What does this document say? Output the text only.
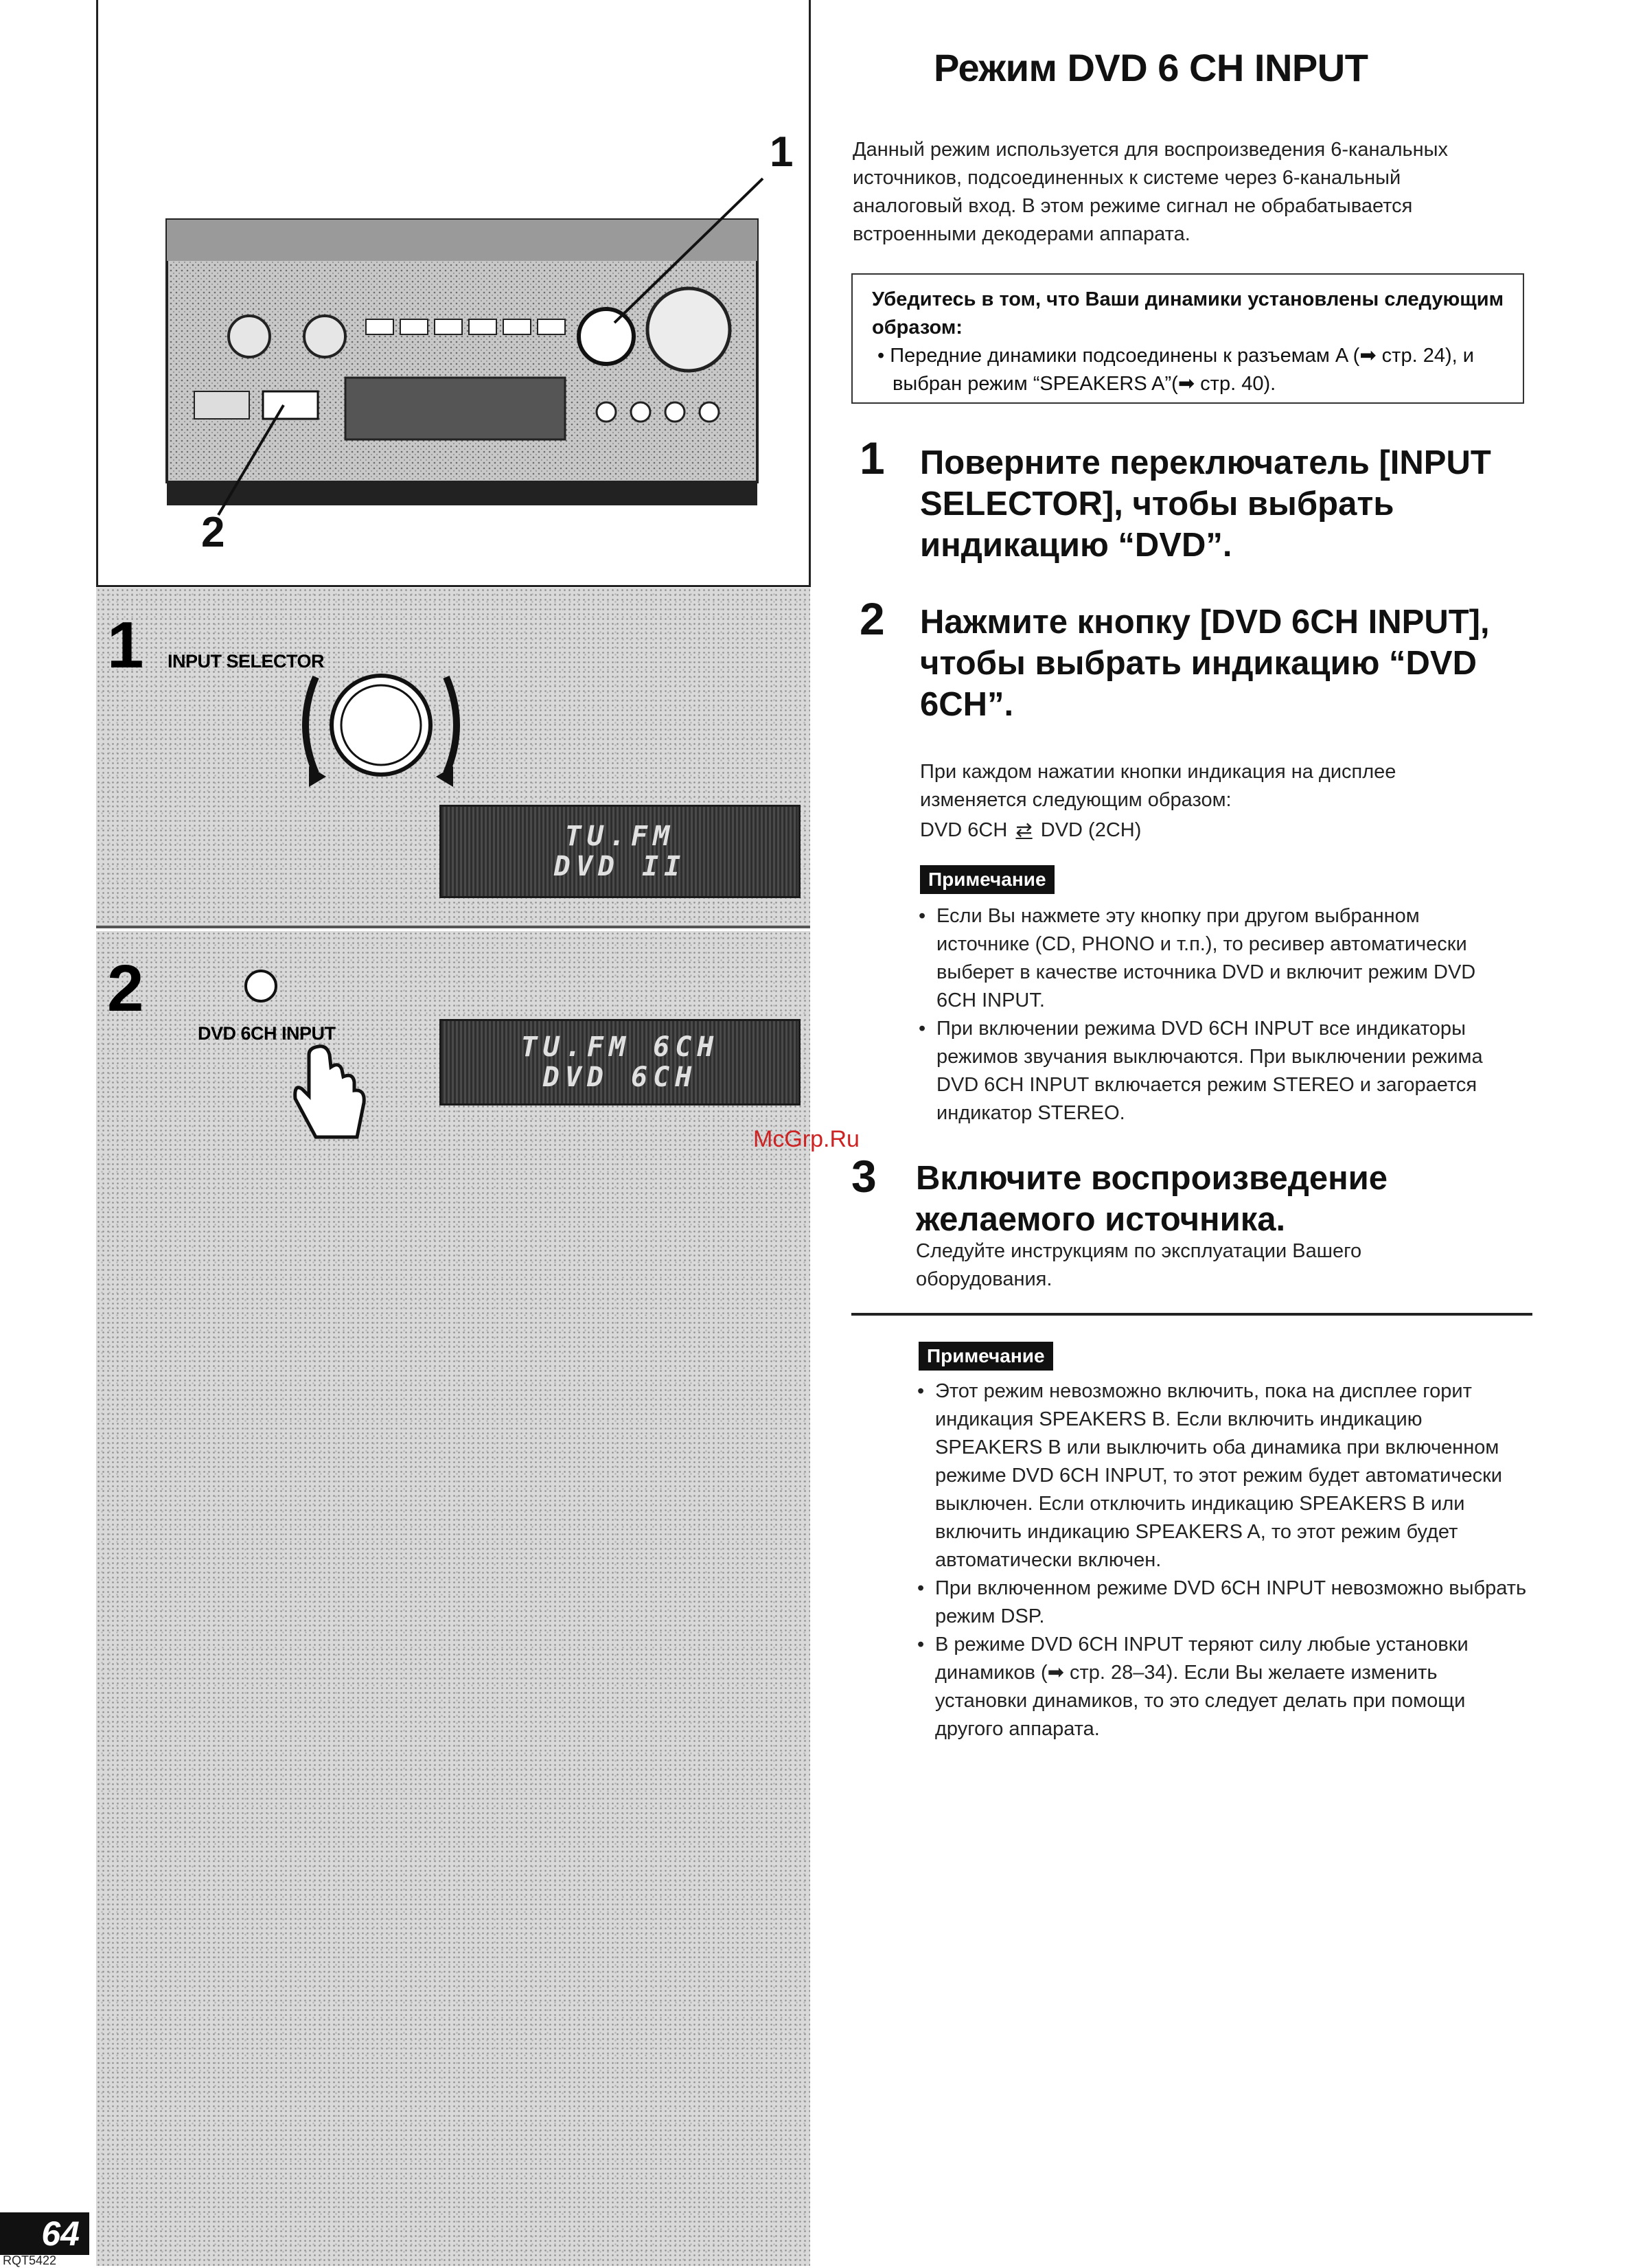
1
2
1 INPUT SELECTOR
TU.FM
DVD II
2
DVD 6CH INPUT	TU.FM 6CH
DVD 6CH
Режим DVD 6 CH INPUT
Данный режим используется для воспроизведения 6-канальных источников, подсоединенных к системе через 6-канальный аналоговый вход. В этом режиме сигнал не обрабатывается встроенными декодерами аппарата.
Убедитесь в том, что Ваши динамики установлены следующим образом:
• Передние динамики подсоединены к разъемам A (➡ стр. 24), и выбран режим “SPEAKERS A”(➡ стр. 40).
1 Поверните переключатель [INPUT SELECTOR], чтобы выбрать индикацию “DVD”.
2 Нажмите кнопку [DVD 6CH INPUT], чтобы выбрать индикацию “DVD 6CH”.
При каждом нажатии кнопки индикация на дисплее изменяется следующим образом:
DVD 6CH ⇄ DVD (2CH)
Примечание
• Если Вы нажмете эту кнопку при другом выбранном источнике (CD, PHONO и т.п.), то ресивер автоматически выберет в качестве источника DVD и включит режим DVD 6CH INPUT.
• При включении режима DVD 6CH INPUT все индикаторы режимов звучания выключаются. При выключении режима DVD 6CH INPUT включается режим STEREO и загорается индикатор STEREO.
McGrp.Ru
3 Включите воспроизведение желаемого источника.
Следуйте инструкциям по эксплуатации Вашего оборудования.
Примечание
• Этот режим невозможно включить, пока на дисплее горит индикация SPEAKERS B. Если включить индикацию SPEAKERS B или выключить оба динамика при включенном режиме DVD 6CH INPUT, то этот режим будет автоматически выключен. Если отключить индикацию SPEAKERS B или включить индикацию SPEAKERS A, то этот режим будет автоматически включен.
• При включенном режиме DVD 6CH INPUT невозможно выбрать режим DSP.
• В режиме DVD 6CH INPUT теряют силу любые установки динамиков (➡ стр. 28–34). Если Вы желаете изменить установки динамиков, то это следует делать при помощи другого аппарата.
64
RQT5422
